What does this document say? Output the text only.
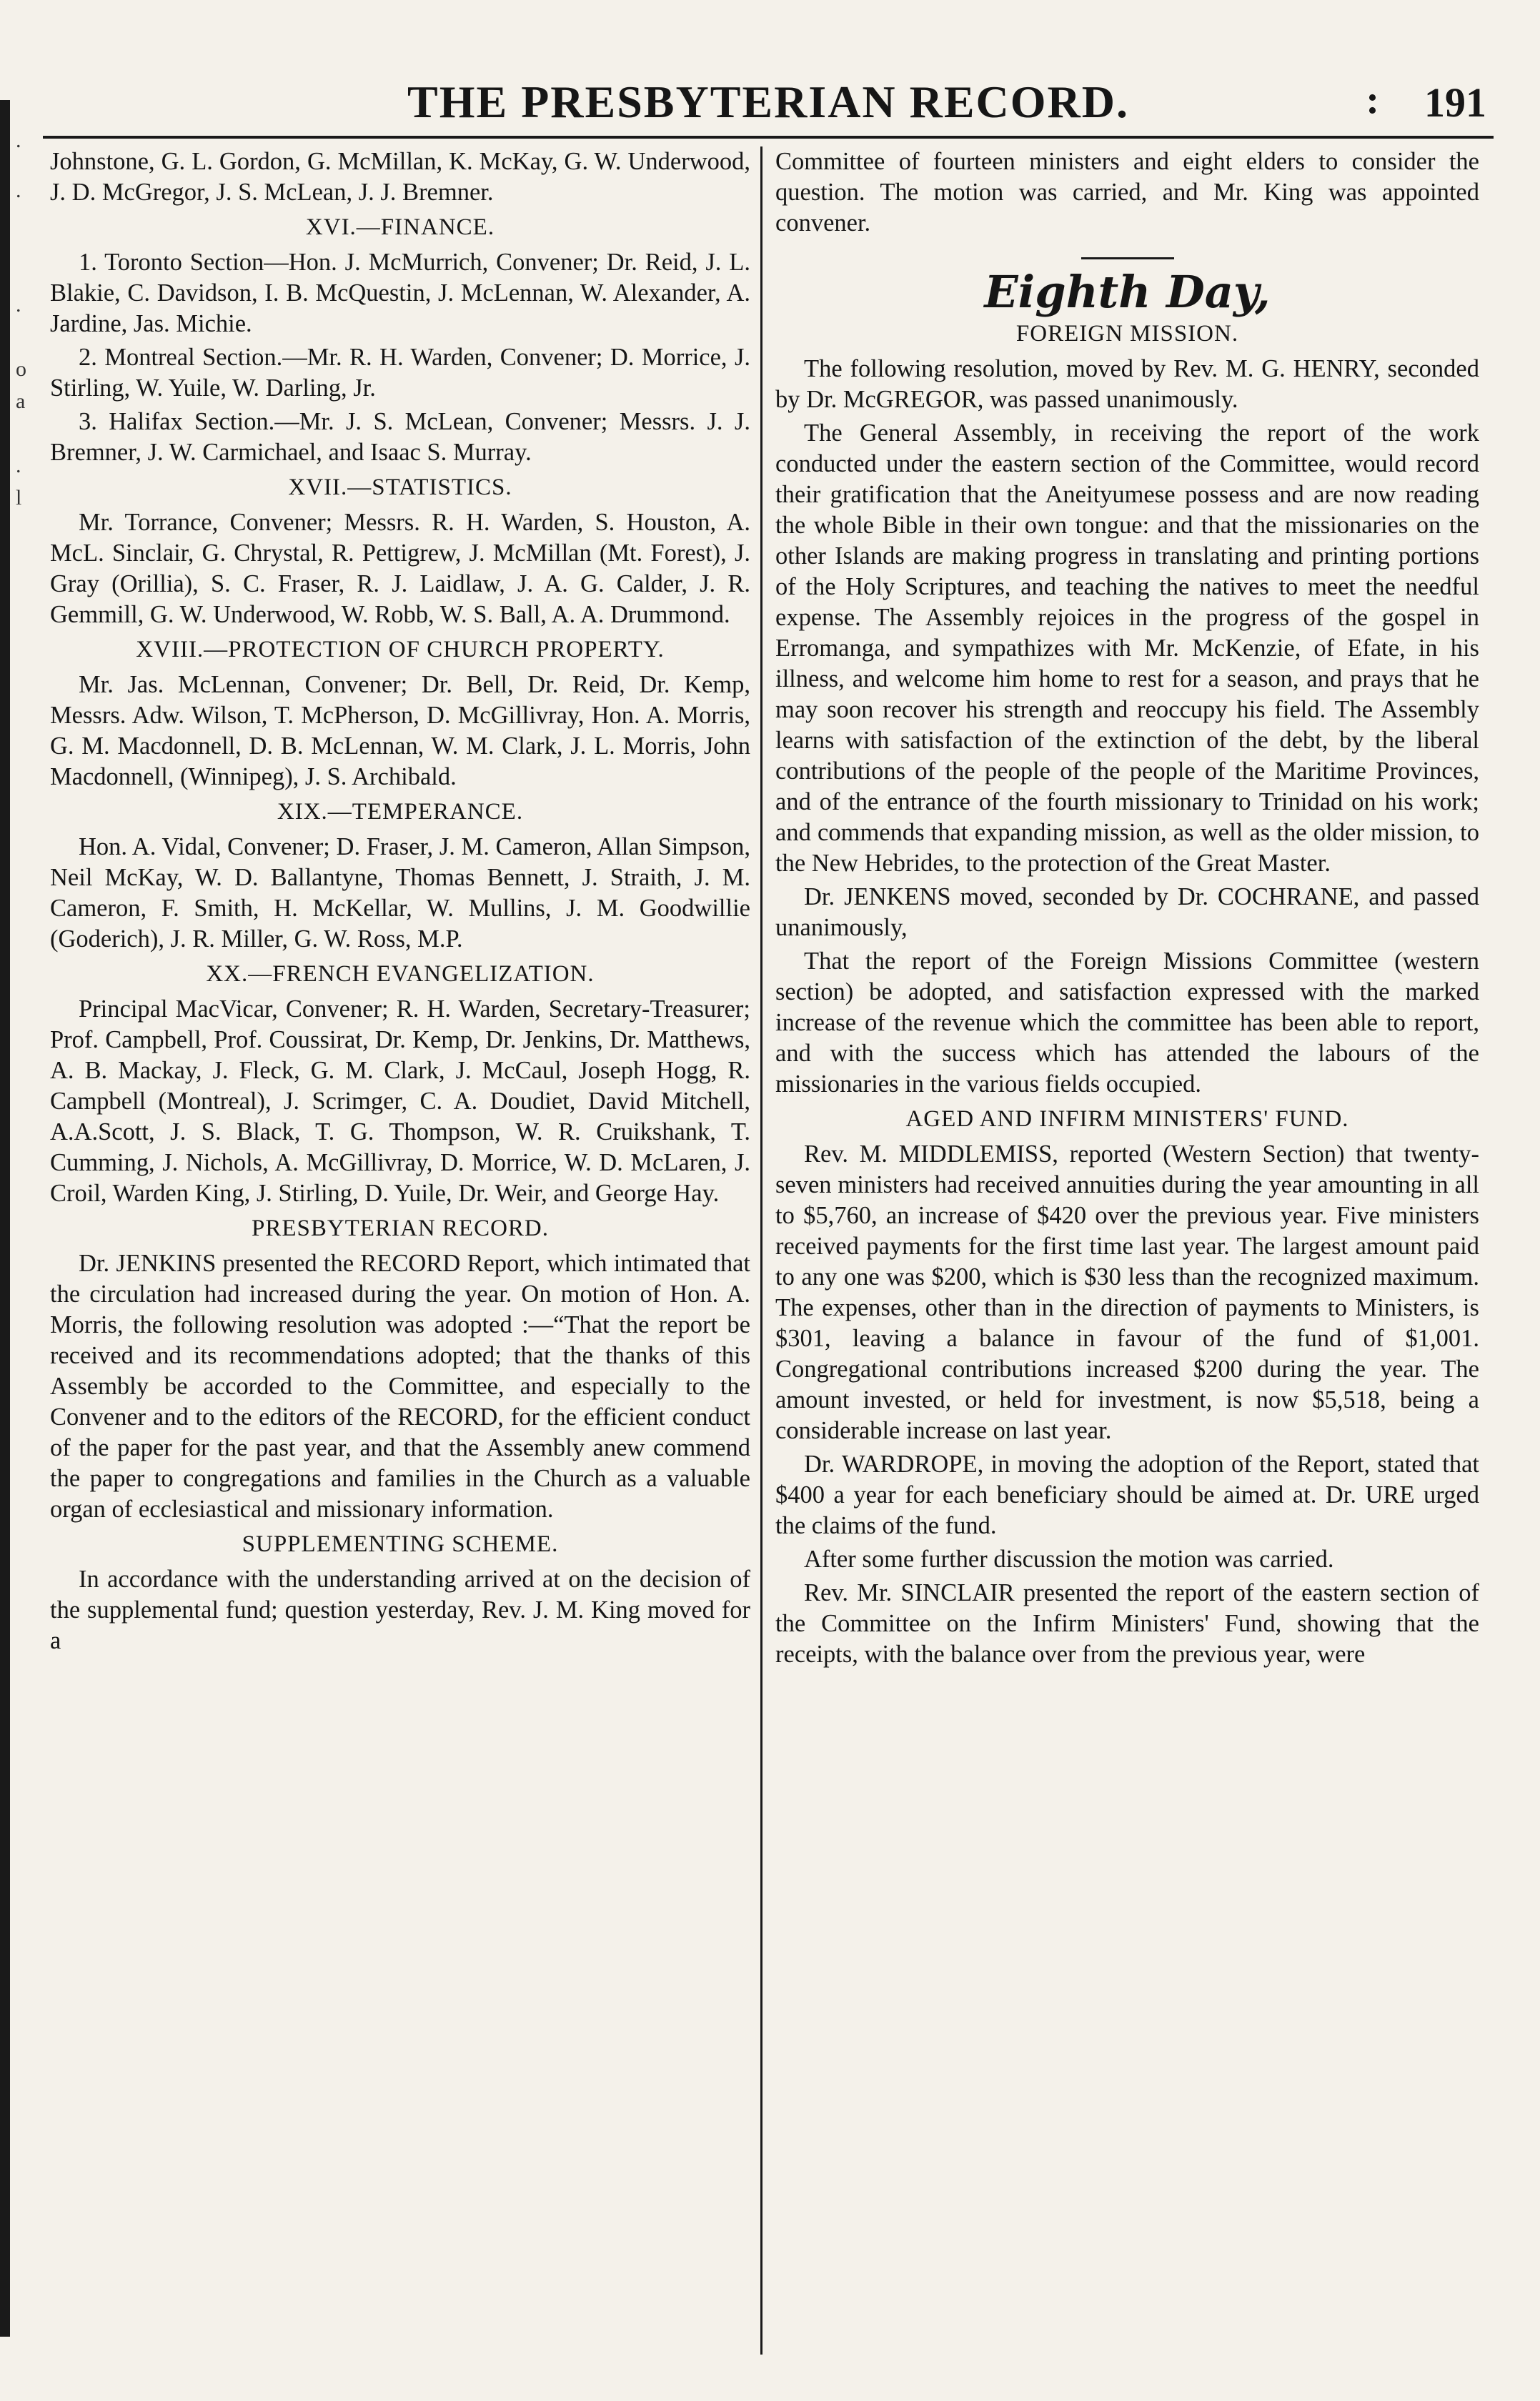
.
.
.
o
a
.
l
THE PRESBYTERIAN RECORD.	: 191

Johnstone, G. L. Gordon, G. McMillan, K. McKay, G. W. Underwood, J. D. McGregor, J. S. McLean, J. J. Bremner.

XVI.—FINANCE.

1. Toronto Section—Hon. J. McMurrich, Convener; Dr. Reid, J. L. Blakie, C. Davidson, I. B. McQuestin, J. McLennan, W. Alexander, A. Jardine, Jas. Michie.

2. Montreal Section.—Mr. R. H. Warden, Convener; D. Morrice, J. Stirling, W. Yuile, W. Darling, Jr.

3. Halifax Section.—Mr. J. S. McLean, Convener; Messrs. J. J. Bremner, J. W. Carmichael, and Isaac S. Murray.

XVII.—STATISTICS.

Mr. Torrance, Convener; Messrs. R. H. Warden, S. Houston, A. McL. Sinclair, G. Chrystal, R. Pettigrew, J. McMillan (Mt. Forest), J. Gray (Orillia), S. C. Fraser, R. J. Laidlaw, J. A. G. Calder, J. R. Gemmill, G. W. Underwood, W. Robb, W. S. Ball, A. A. Drummond.

XVIII.—PROTECTION OF CHURCH PROPERTY.

Mr. Jas. McLennan, Convener; Dr. Bell, Dr. Reid, Dr. Kemp, Messrs. Adw. Wilson, T. McPherson, D. McGillivray, Hon. A. Morris, G. M. Macdonnell, D. B. McLennan, W. M. Clark, J. L. Morris, John Macdonnell, (Winnipeg), J. S. Archibald.

XIX.—TEMPERANCE.

Hon. A. Vidal, Convener; D. Fraser, J. M. Cameron, Allan Simpson, Neil McKay, W. D. Ballantyne, Thomas Bennett, J. Straith, J. M. Cameron, F. Smith, H. McKellar, W. Mullins, J. M. Goodwillie (Goderich), J. R. Miller, G. W. Ross, M.P.

XX.—FRENCH EVANGELIZATION.

Principal MacVicar, Convener; R. H. Warden, Secretary-Treasurer; Prof. Campbell, Prof. Coussirat, Dr. Kemp, Dr. Jenkins, Dr. Matthews, A. B. Mackay, J. Fleck, G. M. Clark, J. McCaul, Joseph Hogg, R. Campbell (Montreal), J. Scrimger, C. A. Doudiet, David Mitchell, A.A.Scott, J. S. Black, T. G. Thompson, W. R. Cruikshank, T. Cumming, J. Nichols, A. McGillivray, D. Morrice, W. D. McLaren, J. Croil, Warden King, J. Stirling, D. Yuile, Dr. Weir, and George Hay.

PRESBYTERIAN RECORD.

Dr. JENKINS presented the RECORD Report, which intimated that the circulation had increased during the year. On motion of Hon. A. Morris, the following resolution was adopted :—“That the report be received and its recommendations adopted; that the thanks of this Assembly be accorded to the Committee, and especially to the Convener and to the editors of the RECORD, for the efficient conduct of the paper for the past year, and that the Assembly anew commend the paper to congregations and families in the Church as a valuable organ of ecclesiastical and missionary information.

SUPPLEMENTING SCHEME.

In accordance with the understanding arrived at on the decision of the supplemental fund; question yesterday, Rev. J. M. King moved for a

Committee of fourteen ministers and eight elders to consider the question. The motion was carried, and Mr. King was appointed convener.

Eighth Day,
FOREIGN MISSION.

The following resolution, moved by Rev. M. G. HENRY, seconded by Dr. McGREGOR, was passed unanimously.

The General Assembly, in receiving the report of the work conducted under the eastern section of the Committee, would record their gratification that the Aneityumese possess and are now reading the whole Bible in their own tongue: and that the missionaries on the other Islands are making progress in translating and printing portions of the Holy Scriptures, and teaching the natives to meet the needful expense. The Assembly rejoices in the progress of the gospel in Erromanga, and sympathizes with Mr. McKenzie, of Efate, in his illness, and welcome him home to rest for a season, and prays that he may soon recover his strength and reoccupy his field. The Assembly learns with satisfaction of the extinction of the debt, by the liberal contributions of the people of the people of the Maritime Provinces, and of the entrance of the fourth missionary to Trinidad on his work; and commends that expanding mission, as well as the older mission, to the New Hebrides, to the protection of the Great Master.

Dr. JENKENS moved, seconded by Dr. COCHRANE, and passed unanimously,

That the report of the Foreign Missions Committee (western section) be adopted, and satisfaction expressed with the marked increase of the revenue which the committee has been able to report, and with the success which has attended the labours of the missionaries in the various fields occupied.

AGED AND INFIRM MINISTERS' FUND.

Rev. M. MIDDLEMISS, reported (Western Section) that twenty-seven ministers had received annuities during the year amounting in all to $5,760, an increase of $420 over the previous year. Five ministers received payments for the first time last year. The largest amount paid to any one was $200, which is $30 less than the recognized maximum. The expenses, other than in the direction of payments to Ministers, is $301, leaving a balance in favour of the fund of $1,001. Congregational contributions increased $200 during the year. The amount invested, or held for investment, is now $5,518, being a considerable increase on last year.

Dr. WARDROPE, in moving the adoption of the Report, stated that $400 a year for each beneficiary should be aimed at. Dr. URE urged the claims of the fund.

After some further discussion the motion was carried.

Rev. Mr. SINCLAIR presented the report of the eastern section of the Committee on the Infirm Ministers' Fund, showing that the receipts, with the balance over from the previous year, were
